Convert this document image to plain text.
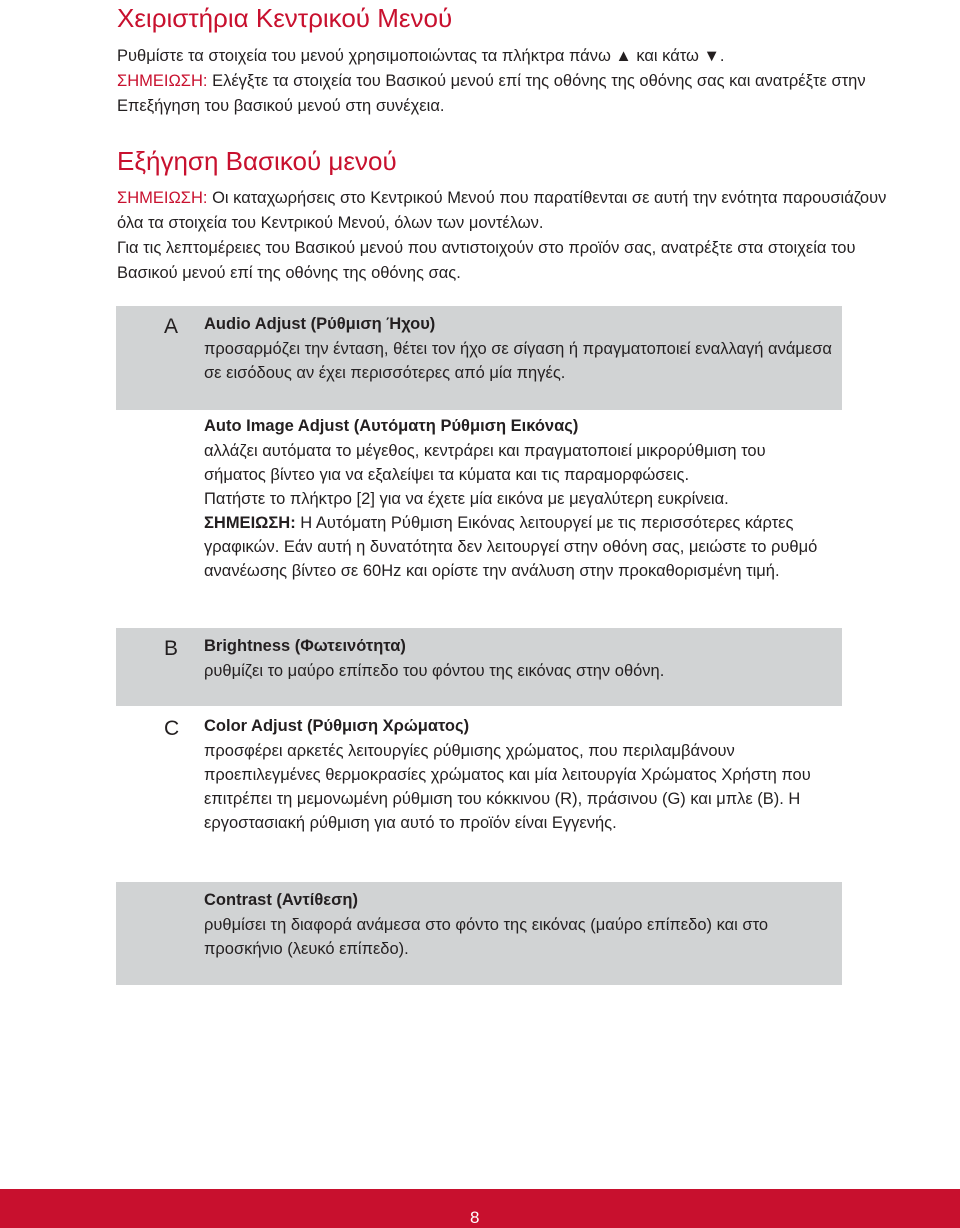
Χειριστήρια Κεντρικού Μενού

Ρυθμίστε τα στοιχεία του μενού χρησιμοποιώντας τα πλήκτρα πάνω ▲ και κάτω ▼.

ΣΗΜΕΙΩΣΗ: Ελέγξτε τα στοιχεία του Βασικού μενού επί της οθόνης της οθόνης σας και ανατρέξτε στην Επεξήγηση του βασικού μενού στη συνέχεια.

Εξήγηση Βασικού μενού

ΣΗΜΕΙΩΣΗ: Οι καταχωρήσεις στο Κεντρικού Μενού που παρατίθενται σε αυτή την ενότητα παρουσιάζουν όλα τα στοιχεία του Κεντρικού Μενού, όλων των μοντέλων.

Για τις λεπτομέρειες του Βασικού μενού που αντιστοιχούν στο προϊόν σας, ανατρέξτε στα στοιχεία του Βασικού μενού επί της οθόνης της οθόνης σας.

A Audio Adjust (Ρύθμιση Ήχου)

προσαρμόζει την ένταση, θέτει τον ήχο σε σίγαση ή πραγματοποιεί εναλλαγή ανάμεσα σε εισόδους αν έχει περισσότερες από μία πηγές.

Auto Image Adjust (Αυτόματη Ρύθμιση Εικόνας)

αλλάζει αυτόματα το μέγεθος, κεντράρει και πραγματοποιεί μικρορύθμιση του σήματος βίντεο για να εξαλείψει τα κύματα και τις παραμορφώσεις.

Πατήστε το πλήκτρο [2] για να έχετε μία εικόνα με μεγαλύτερη ευκρίνεια.

ΣΗΜΕΙΩΣΗ: Η Αυτόματη Ρύθμιση Εικόνας λειτουργεί με τις περισσότερες κάρτες γραφικών. Εάν αυτή η δυνατότητα δεν λειτουργεί στην οθόνη σας, μειώστε το ρυθμό ανανέωσης βίντεο σε 60Hz και ορίστε την ανάλυση στην προκαθορισμένη τιμή.

B Brightness (Φωτεινότητα)

ρυθμίζει το μαύρο επίπεδο του φόντου της εικόνας στην οθόνη.

C Color Adjust (Ρύθμιση Χρώματος)

προσφέρει αρκετές λειτουργίες ρύθμισης χρώματος, που περιλαμβάνουν προεπιλεγμένες θερμοκρασίες χρώματος και μία λειτουργία Χρώματος Χρήστη που επιτρέπει τη μεμονωμένη ρύθμιση του κόκκινου (R), πράσινου (G) και μπλε (B). Η εργοστασιακή ρύθμιση για αυτό το προϊόν είναι Εγγενής.

Contrast (Αντίθεση)

ρυθμίσει τη διαφορά ανάμεσα στο φόντο της εικόνας (μαύρο επίπεδο) και στο προσκήνιο (λευκό επίπεδο).

8
